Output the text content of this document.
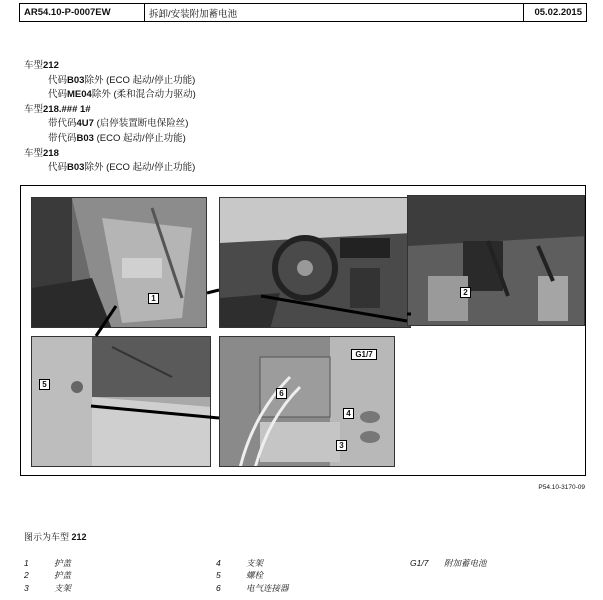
AR54.10-P-0007EW	拆卸/安装附加蓄电池	05.02.2015
车型212
代码B03除外 (ECO 起动/停止功能)
代码ME04除外 (柔和混合动力驱动)
车型218.### 1#
带代码4U7 (启停装置断电保险丝)
带代码B03 (ECO 起动/停止功能)
车型218
代码B03除外 (ECO 起动/停止功能)
1
2
5
6
G1/7
4
3
P54.10-3170-09
图示为车型 212
1	护盖
2	护盖
3	支架
4	支架
5	螺栓
6	电气连接器
G1/7	附加蓄电池
